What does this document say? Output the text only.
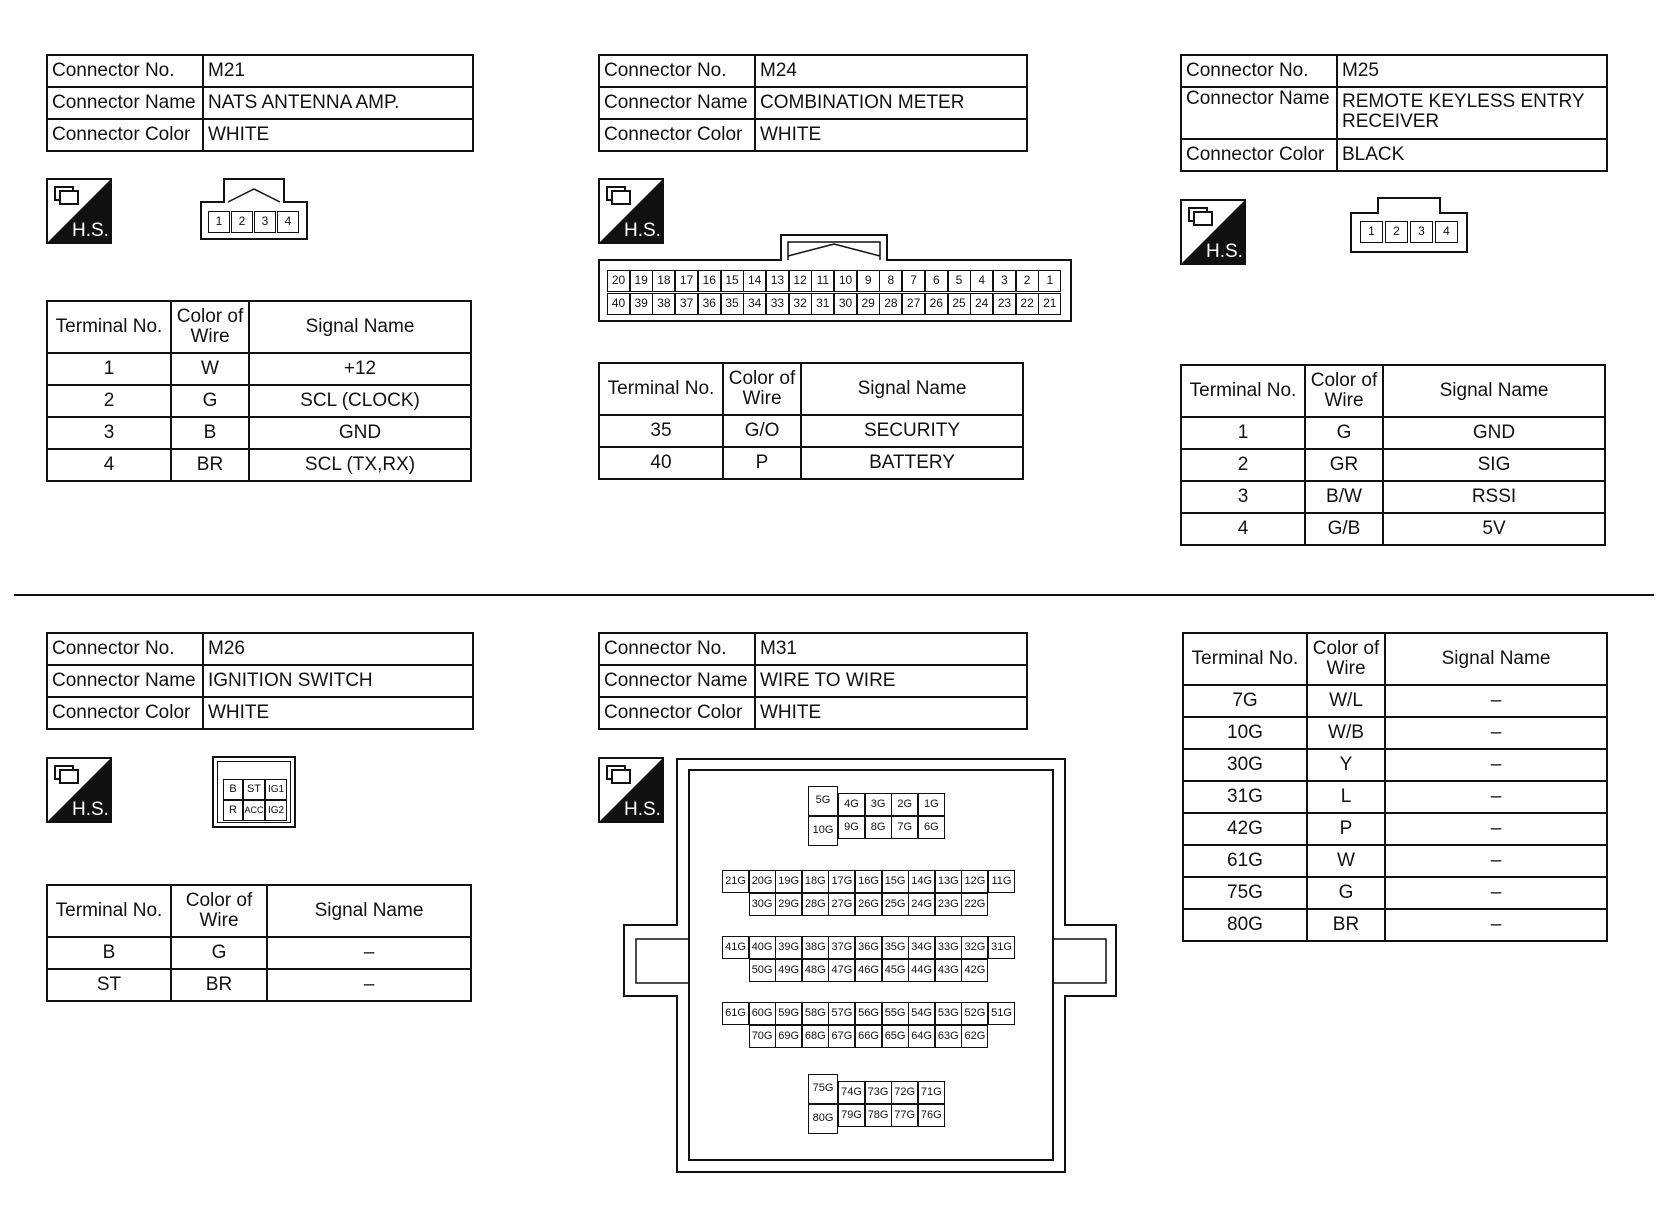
Connector No.	M21
Connector Name	NATS ANTENNA AMP.
Connector Color	WHITE
H.S.	1	2	3	4
Terminal No.	Color of Wire	Signal Name
1	W	+12
2	G	SCL (CLOCK)
3	B	GND
4	BR	SCL (TX,RX)
Connector No.	M24
Connector Name	COMBINATION METER
Connector Color	WHITE
H.S.
20 19 18 17 16 15 14 13 12 11 10	9	8	7	6	5	4	3	2	1
40 39 38 37 36 35 34 33 32 31 30 29 28 27 26 25 24 23 22 21
Terminal No.	Color of Wire	Signal Name
35	G/O	SECURITY
40	P	BATTERY
Connector No.	M25
Connector Name	REMOTE KEYLESS ENTRY RECEIVER
Connector Color	BLACK
H.S.
1	2	3	4
Terminal No.	Color of Wire	Signal Name
1	G	GND
2	GR	SIG
3	B/W	RSSI
4	G/B	5V
Connector No.	M26
Connector Name	IGNITION SWITCH
Connector Color	WHITE
H.S.
B ST IG1
R ACC IG2
Terminal No.	Color of Wire	Signal Name
B	G	–
ST	BR	–
Connector No.	M31
Connector Name	WIRE TO WIRE
Connector Color	WHITE
H.S.	5G
10G
4G	3G	2G	1G
9G	8G	7G	6G
75G
80G
74G 73G 72G 71G
79G 78G 77G 76G
21G 20G 19G 18G 17G 16G 15G 14G 13G 12G 11G
30G 29G 28G 27G 26G 25G 24G 23G 22G
41G 40G 39G 38G 37G 36G 35G 34G 33G 32G 31G
50G 49G 48G 47G 46G 45G 44G 43G 42G
61G 60G 59G 58G 57G 56G 55G 54G 53G 52G 51G
70G 69G 68G 67G 66G 65G 64G 63G 62G
Terminal No.	Color of Wire	Signal Name
7G	W/L	–
10G	W/B	–
30G	Y	–
31G	L	–
42G	P	–
61G	W	–
75G	G	–
80G	BR	–
